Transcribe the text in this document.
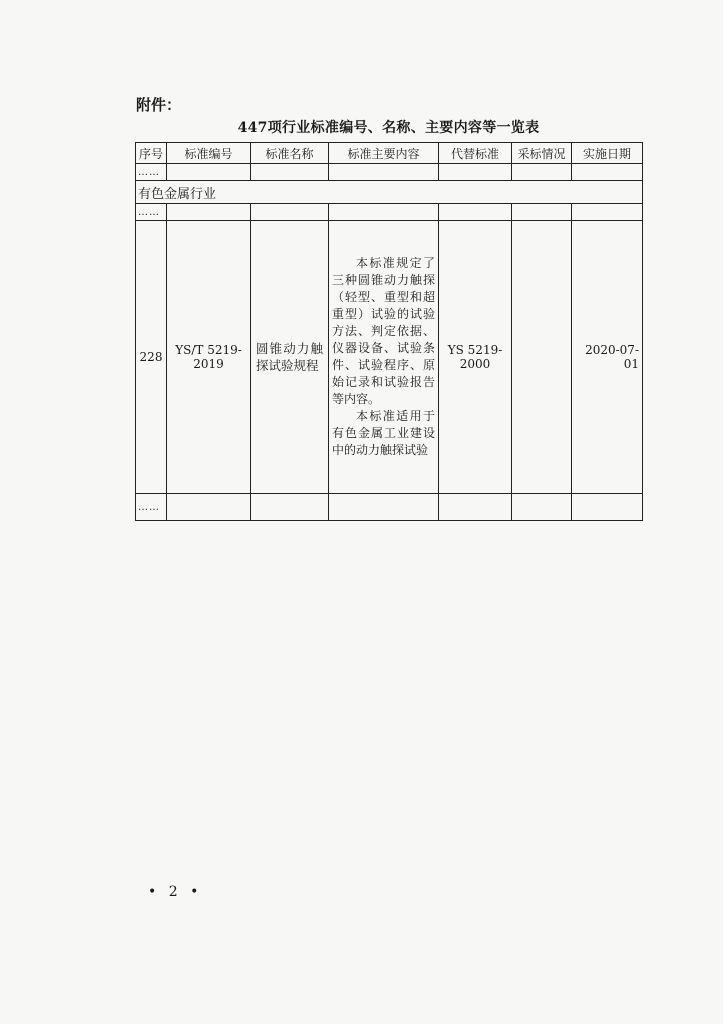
附件：
447项行业标准编号、名称、主要内容等一览表
序号	标准编号	标准名称	标准主要内容	代替标准	采标情况	实施日期
……						
有色金属行业						
……						
228	YS/T 5219-2019	圆锥动力触探试验规程	本标准规定了三种圆锥动力触探（轻型、重型和超重型）试验的试验方法、判定依据、仪器设备、试验条件、试验程序、原始记录和试验报告等内容。

本标准适用于有色金属工业建设中的动力触探试验	YS 5219-2000		2020-07-01
……						
• 2 •
